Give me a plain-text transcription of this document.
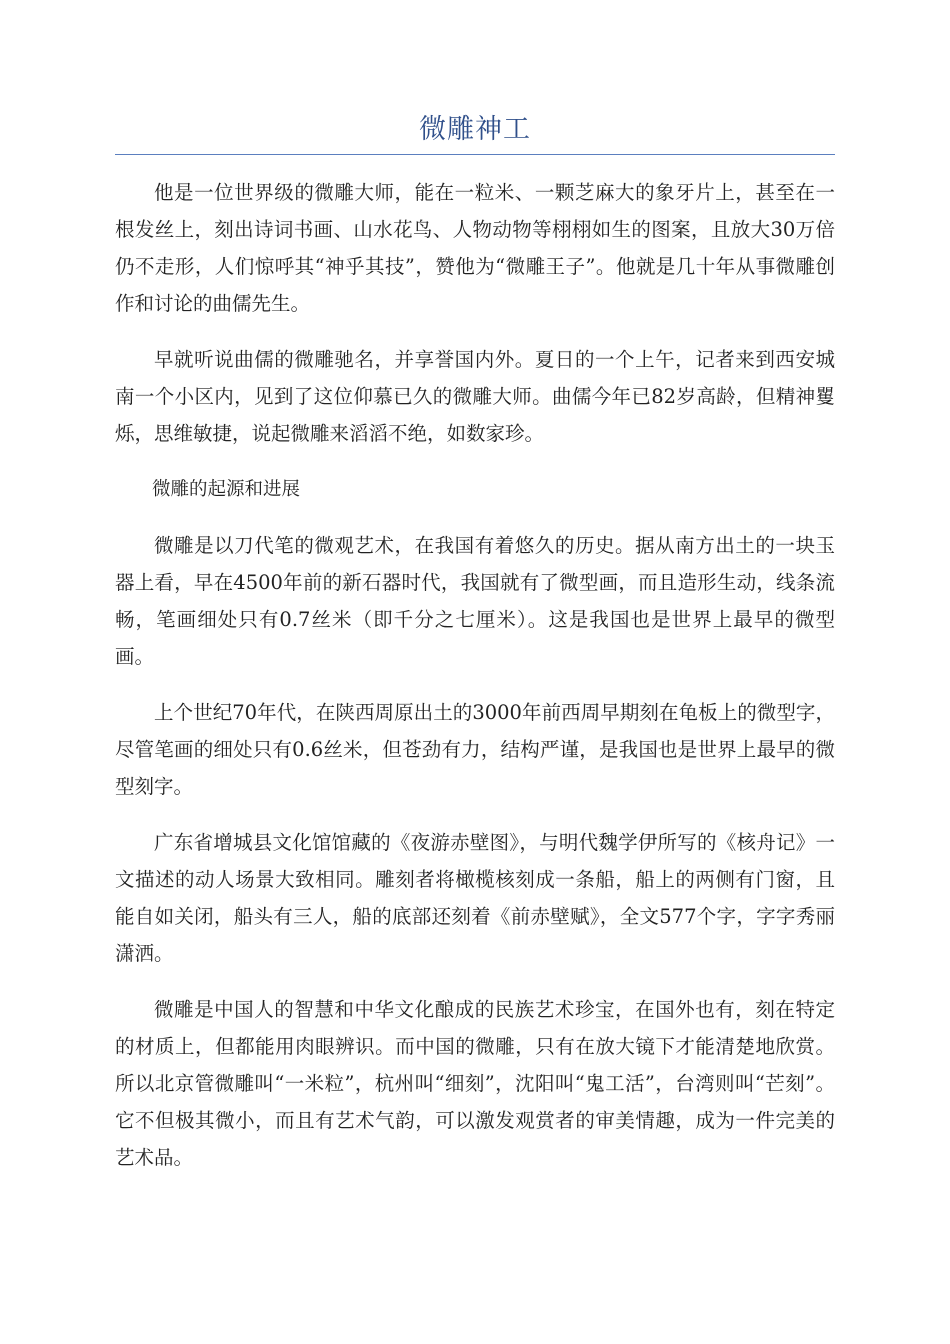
微雕神工

他是一位世界级的微雕大师，能在一粒米、一颗芝麻大的象牙片上，甚至在一根发丝上，刻出诗词书画、山水花鸟、人物动物等栩栩如生的图案，且放大30万倍仍不走形，人们惊呼其“神乎其技”，赞他为“微雕王子”。他就是几十年从事微雕创作和讨论的曲儒先生。

早就听说曲儒的微雕驰名，并享誉国内外。夏日的一个上午，记者来到西安城南一个小区内，见到了这位仰慕已久的微雕大师。曲儒今年已82岁高龄，但精神矍烁，思维敏捷，说起微雕来滔滔不绝，如数家珍。

微雕的起源和进展

微雕是以刀代笔的微观艺术，在我国有着悠久的历史。据从南方出土的一块玉器上看，早在4500年前的新石器时代，我国就有了微型画，而且造形生动，线条流畅，笔画细处只有0.7丝米（即千分之七厘米）。这是我国也是世界上最早的微型画。

上个世纪70年代，在陕西周原出土的3000年前西周早期刻在龟板上的微型字，尽管笔画的细处只有0.6丝米，但苍劲有力，结构严谨，是我国也是世界上最早的微型刻字。

广东省增城县文化馆馆藏的《夜游赤壁图》，与明代魏学伊所写的《核舟记》一文描述的动人场景大致相同。雕刻者将橄榄核刻成一条船，船上的两侧有门窗，且能自如关闭，船头有三人，船的底部还刻着《前赤壁赋》，全文577个字，字字秀丽潇洒。

微雕是中国人的智慧和中华文化酿成的民族艺术珍宝，在国外也有，刻在特定的材质上，但都能用肉眼辨识。而中国的微雕，只有在放大镜下才能清楚地欣赏。所以北京管微雕叫“一米粒”，杭州叫“细刻”，沈阳叫“鬼工活”，台湾则叫“芒刻”。它不但极其微小，而且有艺术气韵，可以激发观赏者的审美情趣，成为一件完美的艺术品。
